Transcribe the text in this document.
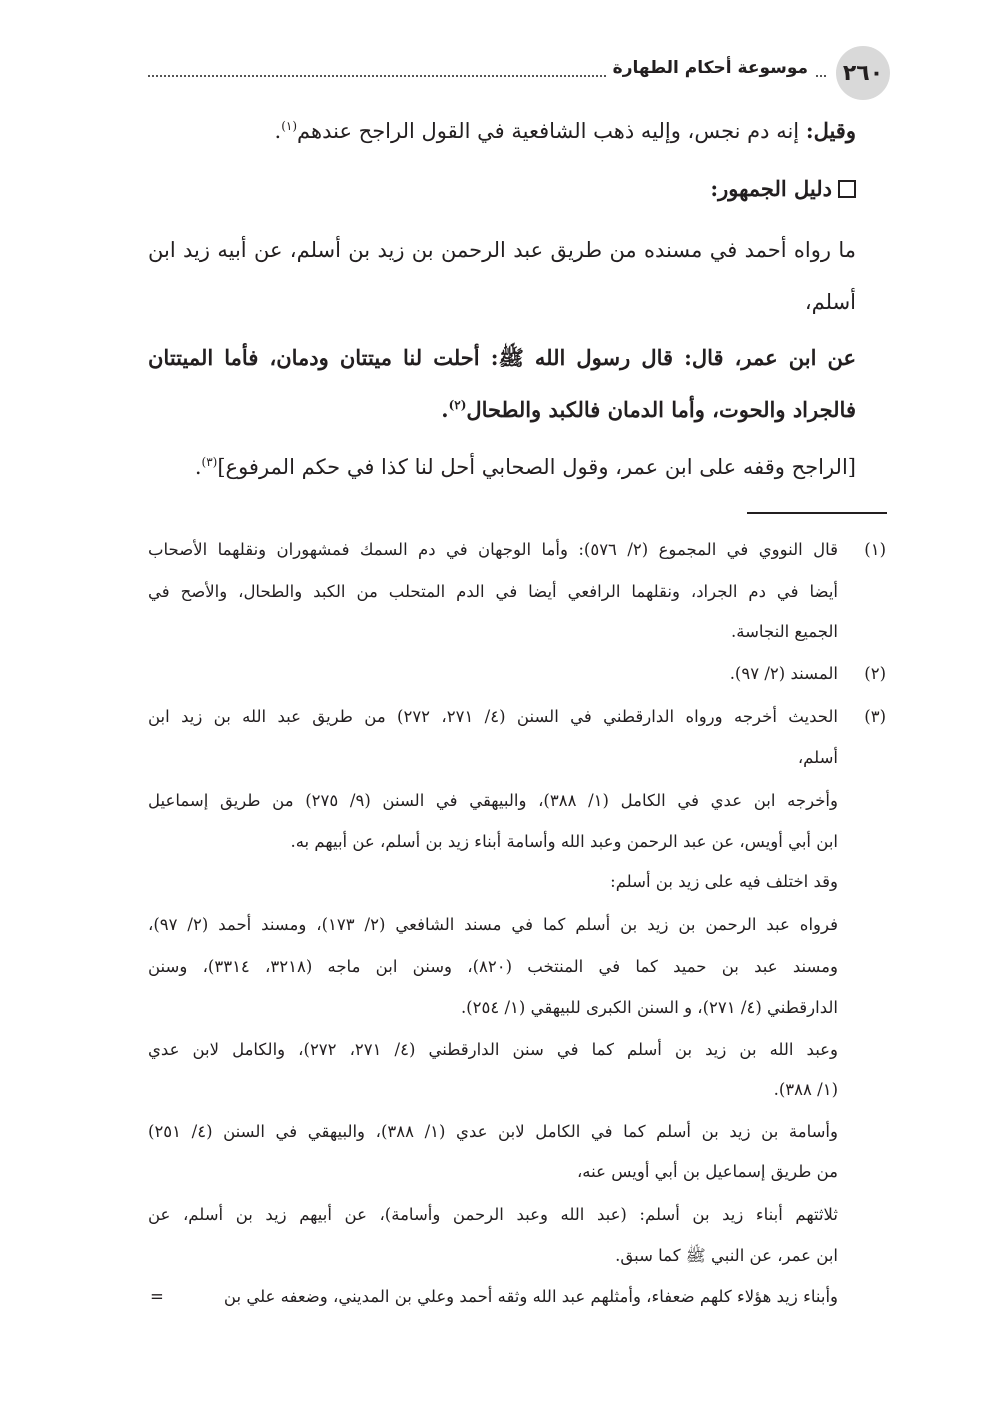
٢٦٠
موسوعة أحكام الطهارة
وقيل: إنه دم نجس، وإليه ذهب الشافعية في القول الراجح عندهم$^{(١)}$.
دليل الجمهور:
ما رواه أحمد في مسنده من طريق عبد الرحمن بن زيد بن أسلم، عن أبيه زيد ابن
أسلم،
عن ابن عمر، قال: قال رسول الله ﷺ: أحلت لنا ميتتان ودمان، فأما الميتتان
فالجراد والحوت، وأما الدمان فالكبد والطحال$^{(٢)}$.
[الراجح وقفه على ابن عمر، وقول الصحابي أحل لنا كذا في حكم المرفوع]$^{(٣)}$.
(١)
قال النووي في المجموع (٢/ ٥٧٦): وأما الوجهان في دم السمك فمشهوران ونقلهما الأصحاب
أيضا في دم الجراد، ونقلهما الرافعي أيضا في الدم المتحلب من الكبد والطحال، والأصح في
الجميع النجاسة.
(٢)
المسند (٢/ ٩٧).
(٣)
الحديث أخرجه ورواه الدارقطني في السنن (٤/ ٢٧١، ٢٧٢) من طريق عبد الله بن زيد ابن
أسلم،
وأخرجه ابن عدي في الكامل (١/ ٣٨٨)، والبيهقي في السنن (٩/ ٢٧٥) من طريق إسماعيل
ابن أبي أويس، عن عبد الرحمن وعبد الله وأسامة أبناء زيد بن أسلم، عن أبيهم به.
وقد اختلف فيه على زيد بن أسلم:
فرواه عبد الرحمن بن زيد بن أسلم كما في مسند الشافعي (٢/ ١٧٣)، ومسند أحمد (٢/ ٩٧)،
ومسند عبد بن حميد كما في المنتخب (٨٢٠)، وسنن ابن ماجه (٣٢١٨، ٣٣١٤)، وسنن
الدارقطني (٤/ ٢٧١)، و السنن الكبرى للبيهقي (١/ ٢٥٤).
وعبد الله بن زيد بن أسلم كما في سنن الدارقطني (٤/ ٢٧١، ٢٧٢)، والكامل لابن عدي
(١/ ٣٨٨).
وأسامة بن زيد بن أسلم كما في الكامل لابن عدي (١/ ٣٨٨)، والبيهقي في السنن (٤/ ٢٥١)
من طريق إسماعيل بن أبي أويس عنه،
ثلاثتهم أبناء زيد بن أسلم: (عبد الله وعبد الرحمن وأسامة)، عن أبيهم زيد بن أسلم، عن
ابن عمر، عن النبي ﷺ كما سبق.
وأبناء زيد هؤلاء كلهم ضعفاء، وأمثلهم عبد الله وثقه أحمد وعلي بن المديني، وضعفه علي بن
=
